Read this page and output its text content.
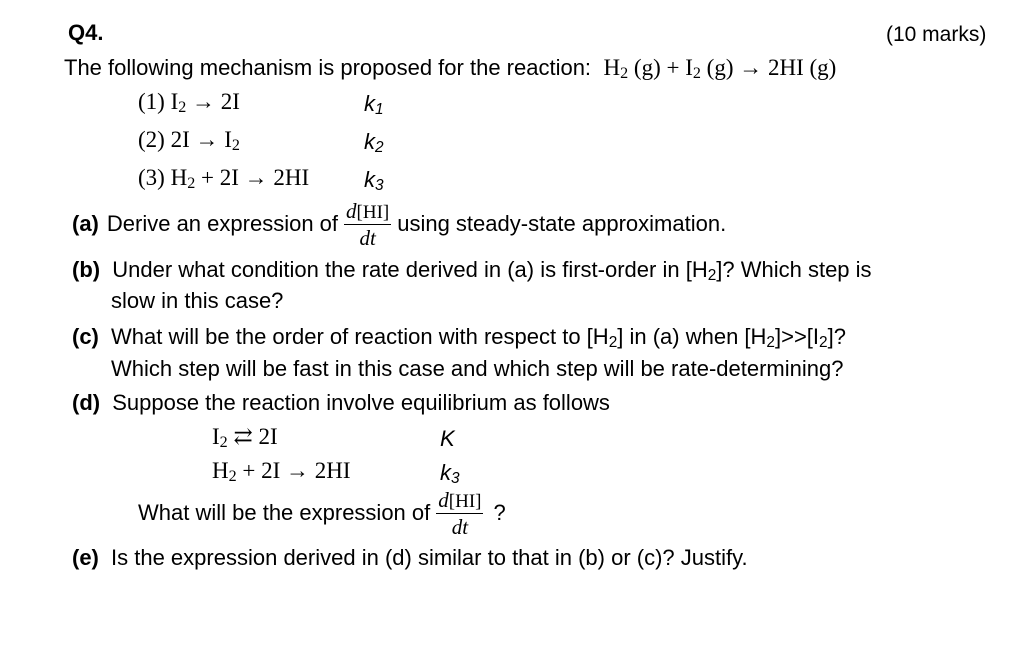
Q4.	(10 marks)
The following mechanism is proposed for the reaction: $H_2$ $(g) + I_2$ (g) → 2HI (g)
(1) $I_2 \to 2I$	$k_1$
(2) $2I \to I_2$	$k_2$
(3) $H_2 + 2I \to 2HI$ $k_3$
(a) Derive an expression of $\frac{d[HI]}{dt}$ using steady-state approximation.
(b) Under what condition the rate derived in (a) is first-order in $[H_2]$? Which step is
slow in this case?
(c) What will be the order of reaction with respect to $[H_2]$ in (a) when $[H_2]>>[I_2]$?
Which step will be fast in this case and which step will be rate-determining?
(d) Suppose the reaction involve equilibrium as follows
$I_2$ ⇄ 2I	K
$H_2 + 2I \to 2HI$	$k_3$
What will be the expression of $\frac{d[HI]}{dt}$ ?
(e) Is the expression derived in (d) similar to that in (b) or (c)? Justify.
